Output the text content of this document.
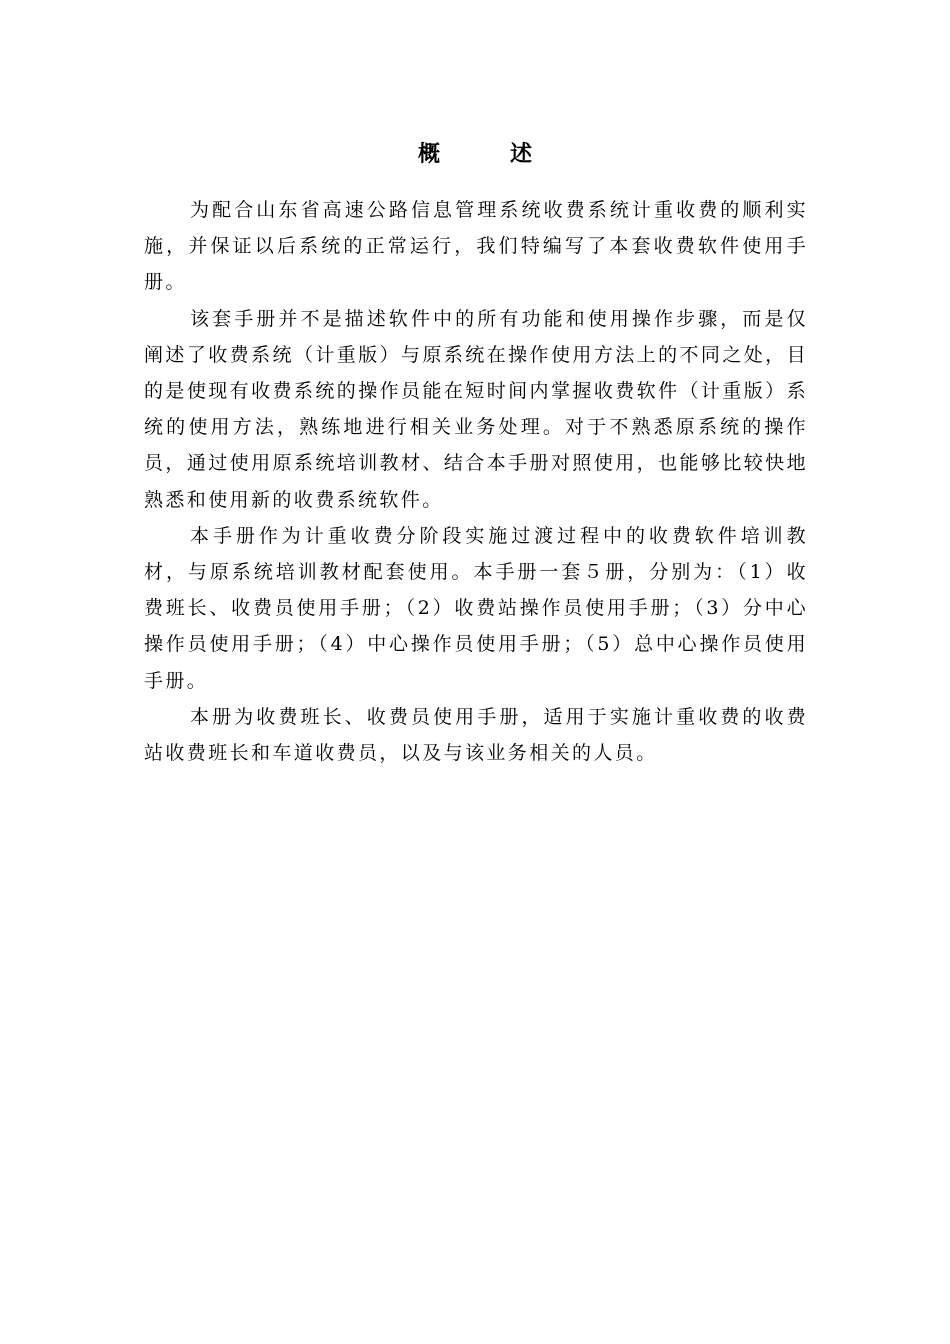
概　述

为配合山东省高速公路信息管理系统收费系统计重收费的顺利实施，并保证以后系统的正常运行，我们特编写了本套收费软件使用手册。

该套手册并不是描述软件中的所有功能和使用操作步骤，而是仅阐述了收费系统（计重版）与原系统在操作使用方法上的不同之处，目的是使现有收费系统的操作员能在短时间内掌握收费软件（计重版）系统的使用方法，熟练地进行相关业务处理。对于不熟悉原系统的操作员，通过使用原系统培训教材、结合本手册对照使用，也能够比较快地熟悉和使用新的收费系统软件。

本手册作为计重收费分阶段实施过渡过程中的收费软件培训教材，与原系统培训教材配套使用。本手册一套５册，分别为：（1）收费班长、收费员使用手册；（2）收费站操作员使用手册；（3）分中心操作员使用手册；（4）中心操作员使用手册；（5）总中心操作员使用手册。

本册为收费班长、收费员使用手册，适用于实施计重收费的收费站收费班长和车道收费员，以及与该业务相关的人员。
